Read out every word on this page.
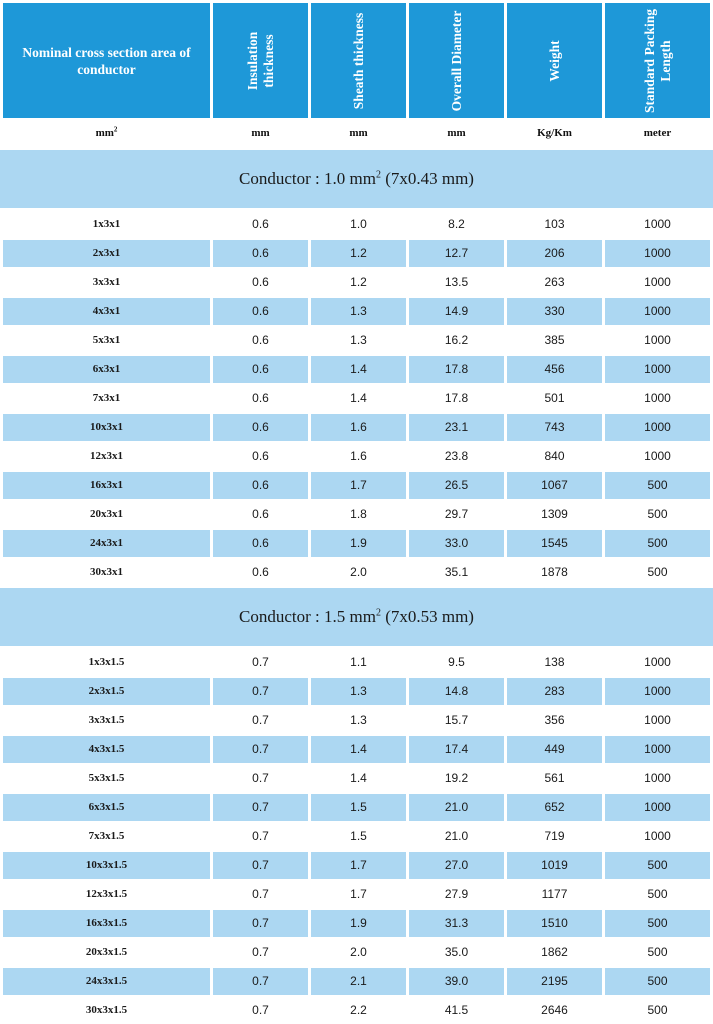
Nominal cross section area of conductor	Insulation thickness	Sheath thickness	Overall Diameter	Weight	Standard Packing Length
$mm^2$	mm	mm	mm	Kg/Km	meter
Conductor : 1.0 $mm^2$ (7x0.43 mm)
1x3x1	0.6	1.0	8.2	103	1000
2x3x1	0.6	1.2	12.7	206	1000
3x3x1	0.6	1.2	13.5	263	1000
4x3x1	0.6	1.3	14.9	330	1000
5x3x1	0.6	1.3	16.2	385	1000
6x3x1	0.6	1.4	17.8	456	1000
7x3x1	0.6	1.4	17.8	501	1000
10x3x1	0.6	1.6	23.1	743	1000
12x3x1	0.6	1.6	23.8	840	1000
16x3x1	0.6	1.7	26.5	1067	500
20x3x1	0.6	1.8	29.7	1309	500
24x3x1	0.6	1.9	33.0	1545	500
30x3x1	0.6	2.0	35.1	1878	500
Conductor : 1.5 $mm^2$ (7x0.53 mm)
1x3x1.5	0.7	1.1	9.5	138	1000
2x3x1.5	0.7	1.3	14.8	283	1000
3x3x1.5	0.7	1.3	15.7	356	1000
4x3x1.5	0.7	1.4	17.4	449	1000
5x3x1.5	0.7	1.4	19.2	561	1000
6x3x1.5	0.7	1.5	21.0	652	1000
7x3x1.5	0.7	1.5	21.0	719	1000
10x3x1.5	0.7	1.7	27.0	1019	500
12x3x1.5	0.7	1.7	27.9	1177	500
16x3x1.5	0.7	1.9	31.3	1510	500
20x3x1.5	0.7	2.0	35.0	1862	500
24x3x1.5	0.7	2.1	39.0	2195	500
30x3x1.5	0.7	2.2	41.5	2646	500
